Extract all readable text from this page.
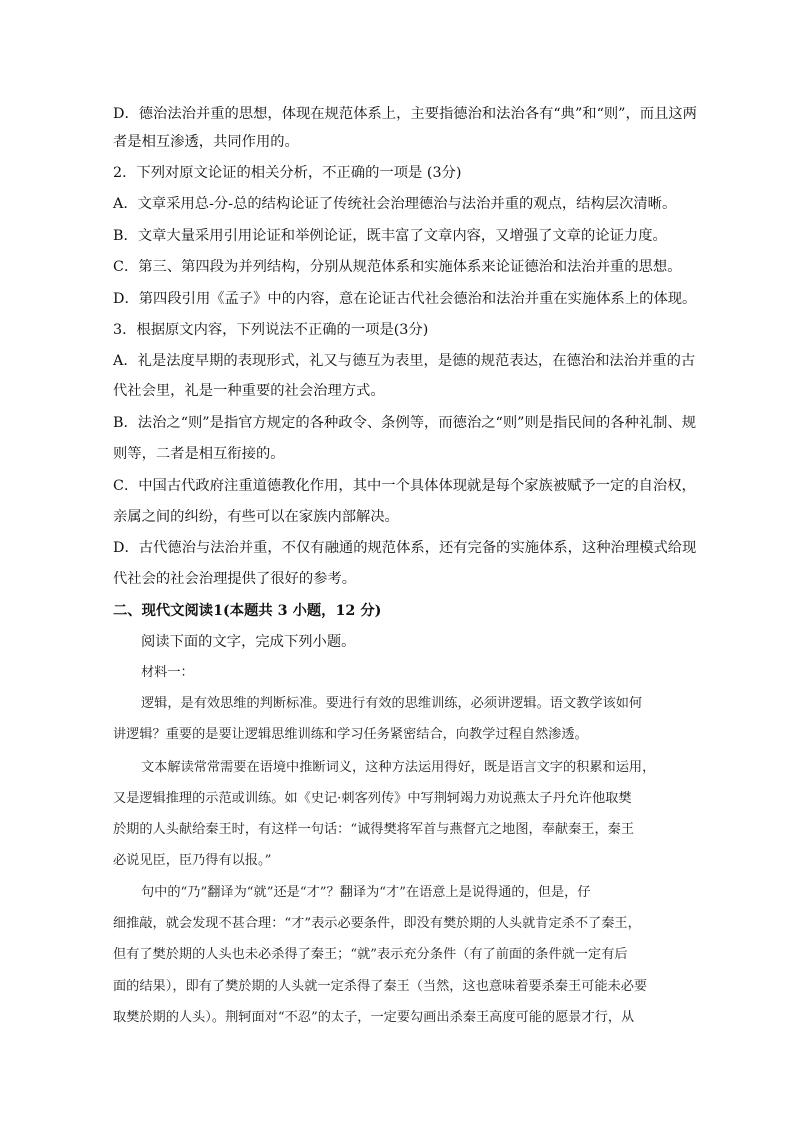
D．德治法治并重的思想，体现在规范体系上，主要指德治和法治各有“典”和“则”，而且这两
者是相互渗透，共同作用的。
2．下列对原文论证的相关分析，不正确的一项是 (3分)
A．文章采用总-分-总的结构论证了传统社会治理德治与法治并重的观点，结构层次清晰。
B．文章大量采用引用论证和举例论证，既丰富了文章内容，又增强了文章的论证力度。
C．第三、第四段为并列结构，分别从规范体系和实施体系来论证德治和法治并重的思想。
D．第四段引用《孟子》中的内容，意在论证古代社会德治和法治并重在实施体系上的体现。
3．根据原文内容，下列说法不正确的一项是(3分)
A．礼是法度早期的表现形式，礼又与德互为表里，是德的规范表达，在德治和法治并重的古
代社会里，礼是一种重要的社会治理方式。
B．法治之“则”是指官方规定的各种政令、条例等，而德治之“则”则是指民间的各种礼制、规
则等，二者是相互衔接的。
C．中国古代政府注重道德教化作用，其中一个具体体现就是每个家族被赋予一定的自治权，
亲属之间的纠纷，有些可以在家族内部解决。
D．古代德治与法治并重，不仅有融通的规范体系，还有完备的实施体系，这种治理模式给现
代社会的社会治理提供了很好的参考。
二、现代文阅读1(本题共 3 小题，12 分)
阅读下面的文字，完成下列小题。
材料一：
逻辑，是有效思维的判断标准。要进行有效的思维训练，必须讲逻辑。语文教学该如何
讲逻辑？重要的是要让逻辑思维训练和学习任务紧密结合，向教学过程自然渗透。
文本解读常常需要在语境中推断词义，这种方法运用得好，既是语言文字的积累和运用，
又是逻辑推理的示范或训练。如《史记·刺客列传》中写荆轲竭力劝说燕太子丹允许他取樊
於期的人头献给秦王时，有这样一句话：“诚得樊将军首与燕督亢之地图，奉献秦王，秦王
必说见臣，臣乃得有以报。”
句中的“乃”翻译为“就”还是“才”？翻译为“才”在语意上是说得通的，但是，仔
细推敲，就会发现不甚合理：“才”表示必要条件，即没有樊於期的人头就肯定杀不了秦王，
但有了樊於期的人头也未必杀得了秦王；“就”表示充分条件（有了前面的条件就一定有后
面的结果），即有了樊於期的人头就一定杀得了秦王（当然，这也意味着要杀秦王可能未必要
取樊於期的人头）。荆轲面对“不忍”的太子，一定要勾画出杀秦王高度可能的愿景才行，从
